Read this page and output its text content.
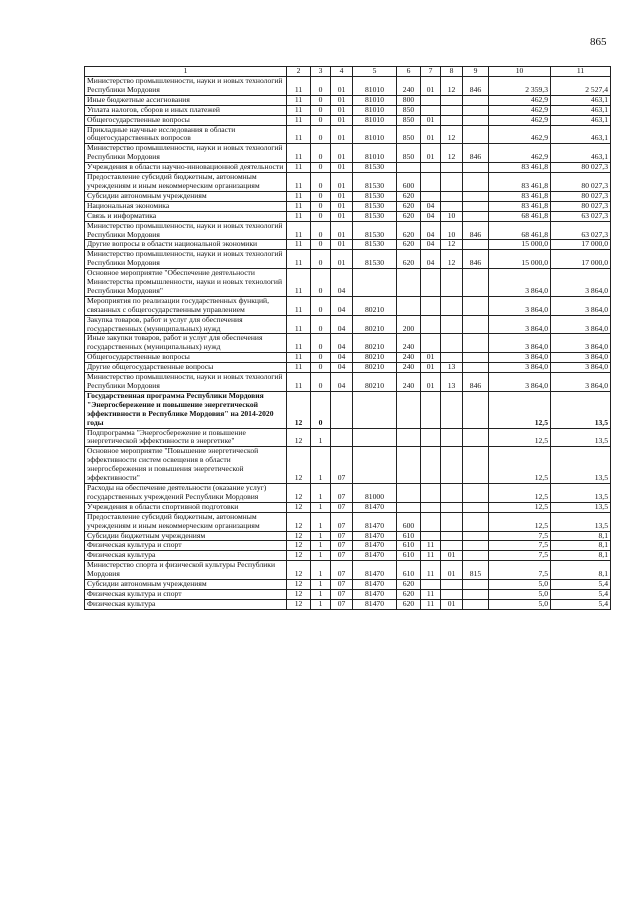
865
1	2	3	4	5	6	7	8	9	10	11
Министерство промышленности, науки и новых технологий Республики Мордовия	11	0	01	81010	240	01	12	846	2 359,3	2 527,4
Иные бюджетные ассигнования	11	0	01	81010	800				462,9	463,1
Уплата налогов, сборов и иных платежей	11	0	01	81010	850				462,9	463,1
Общегосударственные вопросы	11	0	01	81010	850	01			462,9	463,1
Прикладные научные исследования в области общегосударственных вопросов	11	0	01	81010	850	01	12		462,9	463,1
Министерство промышленности, науки и новых технологий Республики Мордовия	11	0	01	81010	850	01	12	846	462,9	463,1
Учреждения в области научно-инновационной деятельности	11	0	01	81530					83 461,8	80 027,3
Предоставление субсидий бюджетным, автономным учреждениям и иным некоммерческим организациям	11	0	01	81530	600				83 461,8	80 027,3
Субсидии автономным учреждениям	11	0	01	81530	620				83 461,8	80 027,3
Национальная экономика	11	0	01	81530	620	04			83 461,8	80 027,3
Связь и информатика	11	0	01	81530	620	04	10		68 461,8	63 027,3
Министерство промышленности, науки и новых технологий Республики Мордовия	11	0	01	81530	620	04	10	846	68 461,8	63 027,3
Другие вопросы в области национальной экономики	11	0	01	81530	620	04	12		15 000,0	17 000,0
Министерство промышленности, науки и новых технологий Республики Мордовия	11	0	01	81530	620	04	12	846	15 000,0	17 000,0
Основное мероприятие "Обеспечение деятельности Министерства промышленности, науки и новых технологий Республики Мордовия"	11	0	04						3 864,0	3 864,0
Мероприятия по реализации государственных функций, связанных с общегосударственным управлением	11	0	04	80210					3 864,0	3 864,0
Закупка товаров, работ и услуг для обеспечения государственных (муниципальных) нужд	11	0	04	80210	200				3 864,0	3 864,0
Иные закупки товаров, работ и услуг для обеспечения государственных (муниципальных) нужд	11	0	04	80210	240				3 864,0	3 864,0
Общегосударственные вопросы	11	0	04	80210	240	01			3 864,0	3 864,0
Другие общегосударственные вопросы	11	0	04	80210	240	01	13		3 864,0	3 864,0
Министерство промышленности, науки и новых технологий Республики Мордовия	11	0	04	80210	240	01	13	846	3 864,0	3 864,0
Государственная программа Республики Мордовия "Энергосбережение и повышение энергетической эффективности в Республике Мордовия" на 2014-2020 годы	12	0							12,5	13,5
Подпрограмма "Энергосбережение и повышение энергетической эффективности в энергетике"	12	1							12,5	13,5
Основное мероприятие "Повышение энергетической эффективности систем освещения в области энергосбережения и повышения энергетической эффективности"	12	1	07						12,5	13,5
Расходы на обеспечение деятельности (оказание услуг) государственных учреждений Республики Мордовия	12	1	07	81000					12,5	13,5
Учреждения в области спортивной подготовки	12	1	07	81470					12,5	13,5
Предоставление субсидий бюджетным, автономным учреждениям и иным некоммерческим организациям	12	1	07	81470	600				12,5	13,5
Субсидии бюджетным учреждениям	12	1	07	81470	610				7,5	8,1
Физическая культура и спорт	12	1	07	81470	610	11			7,5	8,1
Физическая культура	12	1	07	81470	610	11	01		7,5	8,1
Министерство спорта и физической культуры Республики Мордовия	12	1	07	81470	610	11	01	815	7,5	8,1
Субсидии автономным учреждениям	12	1	07	81470	620				5,0	5,4
Физическая культура и спорт	12	1	07	81470	620	11			5,0	5,4
Физическая культура	12	1	07	81470	620	11	01		5,0	5,4
